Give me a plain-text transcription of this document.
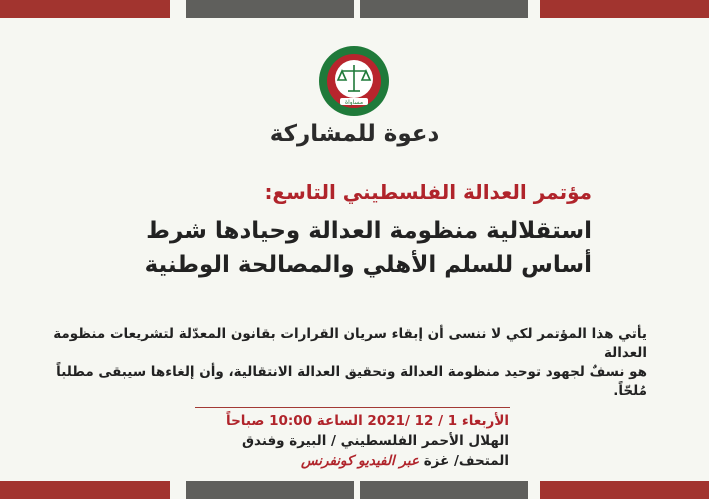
مساواة
دعوة للمشاركة

مؤتمر العدالة الفلسطيني التاسع:

استقلالية منظومة العدالة وحيادها شرط

أساس للسلم الأهلي والمصالحة الوطنية

يأتي هذا المؤتمر لكي لا ننسى أن إبقاء سريان القرارات بقانون المعدّلة لتشريعات منظومة العدالة
هو نسفٌ لجهود توحيد منظومة العدالة وتحقيق العدالة الانتقالية، وأن إلغاءها سيبقى مطلباً مُلحّاً.
الأربعاء 1 / 12 /2021 الساعة 10:00 صباحاً
الهلال الأحمر الفلسطيني / البيرة وفندق
المتحف/ غزة عبر الفيديو كونفرنس
